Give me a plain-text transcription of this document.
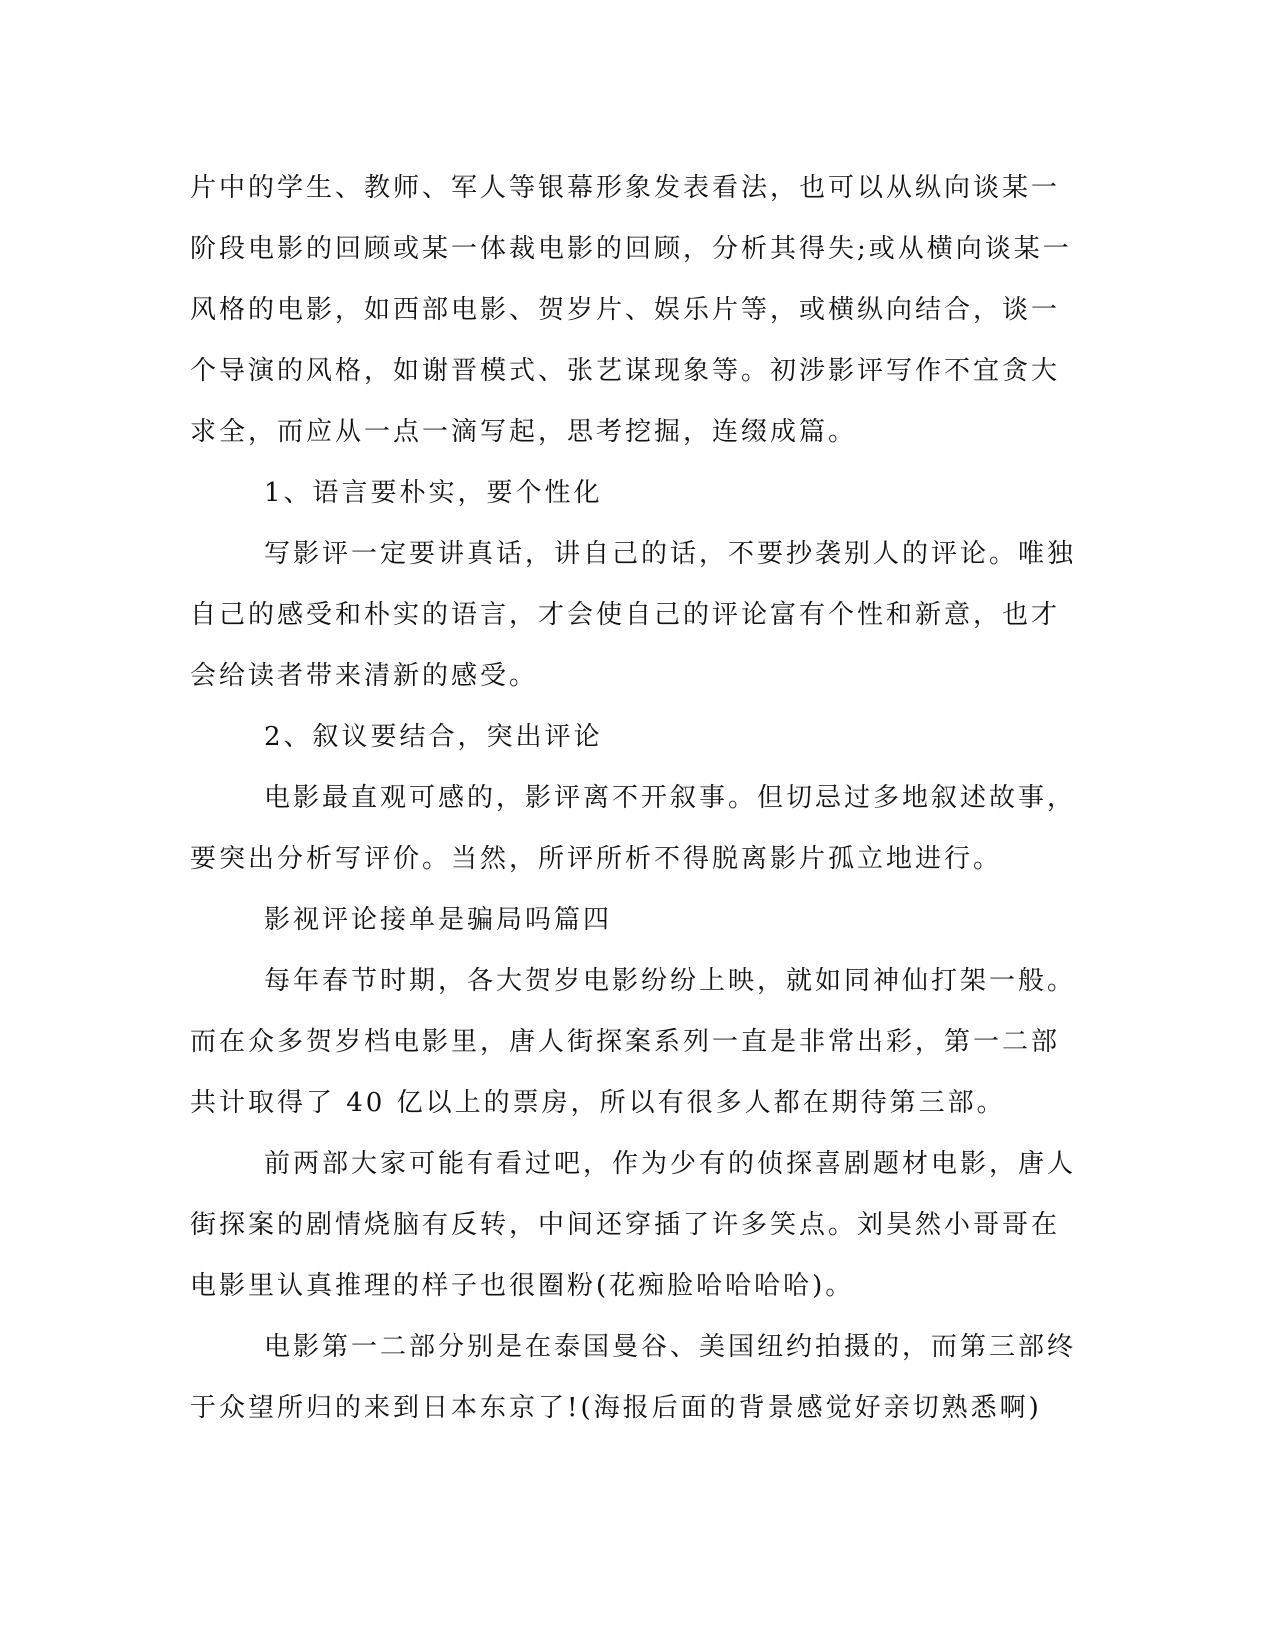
片中的学生、教师、军人等银幕形象发表看法，也可以从纵向谈某一
阶段电影的回顾或某一体裁电影的回顾，分析其得失;或从横向谈某一
风格的电影，如西部电影、贺岁片、娱乐片等，或横纵向结合，谈一
个导演的风格，如谢晋模式、张艺谋现象等。初涉影评写作不宜贪大
求全，而应从一点一滴写起，思考挖掘，连缀成篇。
1、语言要朴实，要个性化
写影评一定要讲真话，讲自己的话，不要抄袭别人的评论。唯独
自己的感受和朴实的语言，才会使自己的评论富有个性和新意，也才
会给读者带来清新的感受。
2、叙议要结合，突出评论
电影最直观可感的，影评离不开叙事。但切忌过多地叙述故事，
要突出分析写评价。当然，所评所析不得脱离影片孤立地进行。
影视评论接单是骗局吗篇四
每年春节时期，各大贺岁电影纷纷上映，就如同神仙打架一般。
而在众多贺岁档电影里，唐人街探案系列一直是非常出彩，第一二部
共计取得了 40 亿以上的票房，所以有很多人都在期待第三部。
前两部大家可能有看过吧，作为少有的侦探喜剧题材电影，唐人
街探案的剧情烧脑有反转，中间还穿插了许多笑点。刘昊然小哥哥在
电影里认真推理的样子也很圈粉(花痴脸哈哈哈哈)。
电影第一二部分别是在泰国曼谷、美国纽约拍摄的，而第三部终
于众望所归的来到日本东京了!(海报后面的背景感觉好亲切熟悉啊)
